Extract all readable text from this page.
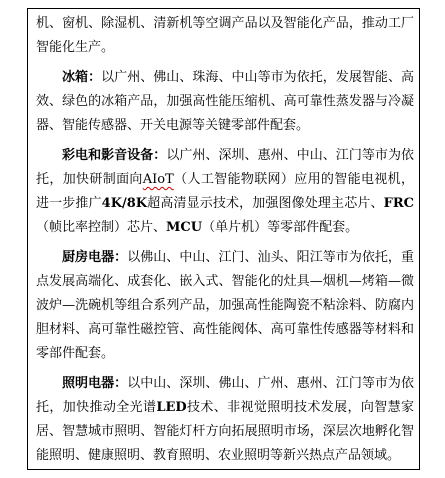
机、窗机、除湿机、清新机等空调产品以及智能化产品，推动工厂智能化生产。

冰箱：以广州、佛山、珠海、中山等市为依托，发展智能、高效、绿色的冰箱产品，加强高性能压缩机、高可靠性蒸发器与冷凝器、智能传感器、开关电源等关键零部件配套。

彩电和影音设备：以广州、深圳、惠州、中山、江门等市为依托，加快研制面向AIoT（人工智能物联网）应用的智能电视机，进一步推广4K/8K超高清显示技术，加强图像处理主芯片、FRC（帧比率控制）芯片、MCU（单片机）等零部件配套。

厨房电器：以佛山、中山、江门、汕头、阳江等市为依托，重点发展高端化、成套化、嵌入式、智能化的灶具—烟机—烤箱—微波炉—洗碗机等组合系列产品，加强高性能陶瓷不粘涂料、防腐内胆材料、高可靠性磁控管、高性能阀体、高可靠性传感器等材料和零部件配套。

照明电器：以中山、深圳、佛山、广州、惠州、江门等市为依托，加快推动全光谱LED技术、非视觉照明技术发展，向智慧家居、智慧城市照明、智能灯杆方向拓展照明市场，深层次地孵化智能照明、健康照明、教育照明、农业照明等新兴热点产品领域。
